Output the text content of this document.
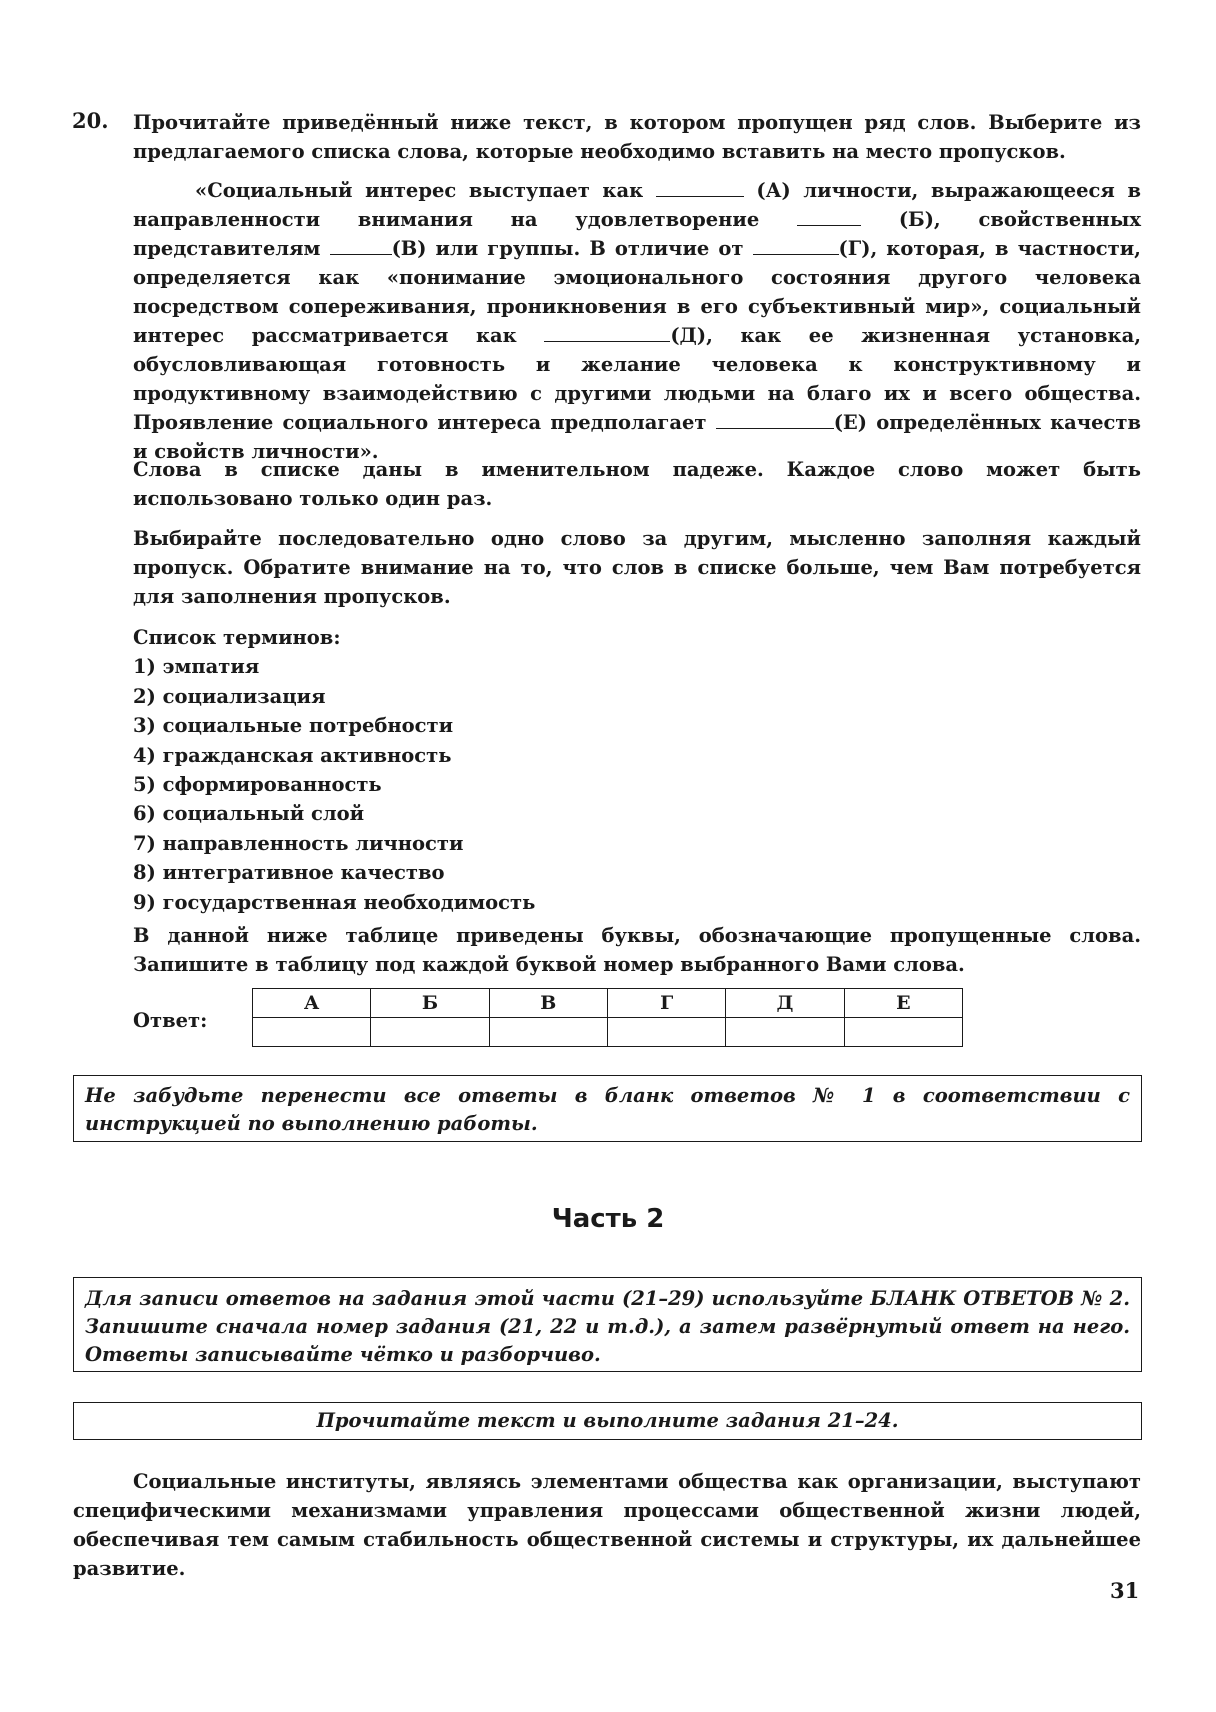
20. Прочитайте приведённый ниже текст, в котором пропущен ряд слов. Выберите из предлагаемого списка слова, которые необходимо вставить на место пропусков.
«Социальный интерес выступает как	(А) личности, выражающееся в направленности внимания на удовлетворение	(Б), свойственных представителям	(В) или группы. В отличие от	(Г), которая, в частности, определяется как «понимание эмоционального состояния другого человека посредством сопереживания, проникновения в его субъективный мир», социальный интерес рассматривается как	(Д), как ее жизненная установка, обусловливающая готовность и желание человека к конструктивному и продуктивному взаимодействию с другими людьми на благо их и всего общества. Проявление социального интереса предполагает	(Е) определённых качеств и свойств личности».
Слова в списке даны в именительном падеже. Каждое слово может быть использовано только один раз.
Выбирайте последовательно одно слово за другим, мысленно заполняя каждый пропуск. Обратите внимание на то, что слов в списке больше, чем Вам потребуется для заполнения пропусков.
Список терминов:
1) эмпатия
2) социализация
3) социальные потребности
4) гражданская активность
5) сформированность
6) социальный слой
7) направленность личности
8) интегративное качество
9) государственная необходимость
В данной ниже таблице приведены буквы, обозначающие пропущенные слова. Запишите в таблицу под каждой буквой номер выбранного Вами слова.
Ответ:
А	Б	В	Г	Д	Е

Не забудьте перенести все ответы в бланк ответов № 1 в соответствии с инструкцией по выполнению работы.
Часть 2
Для записи ответов на задания этой части (21–29) используйте БЛАНК ОТВЕТОВ № 2. Запишите сначала номер задания (21, 22 и т.д.), а затем развёрнутый ответ на него. Ответы записывайте чётко и разборчиво.
Прочитайте текст и выполните задания 21–24.
Социальные институты, являясь элементами общества как организации, выступают специфическими механизмами управления процессами общественной жизни людей, обеспечивая тем самым стабильность общественной системы и структуры, их дальнейшее развитие.
31
